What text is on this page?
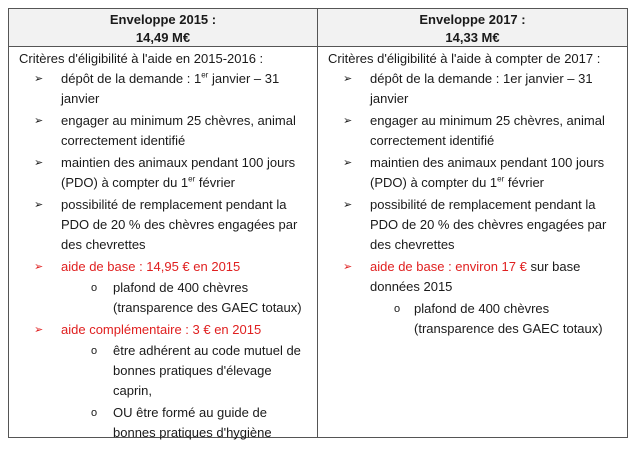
Enveloppe 2015 :
14,49 M€
Critères d'éligibilité à l'aide en 2015-2016 :
➢ dépôt de la demande : 1er janvier – 31 janvier
➢ engager au minimum 25 chèvres, animal correctement identifié
➢ maintien des animaux pendant 100 jours (PDO) à compter du 1er février
➢ possibilité de remplacement pendant la PDO de 20 % des chèvres engagées par des chevrettes
➢ aide de base : 14,95 € en 2015
o plafond de 400 chèvres (transparence des GAEC totaux)
➢ aide complémentaire : 3 € en 2015
o être adhérent au code mutuel de bonnes pratiques d'élevage caprin,
o OU être formé au guide de bonnes pratiques d'hygiène
Enveloppe 2017 :
14,33 M€
Critères d'éligibilité à l'aide à compter de 2017 :
➢ dépôt de la demande : 1er janvier – 31 janvier
➢ engager au minimum 25 chèvres, animal correctement identifié
➢ maintien des animaux pendant 100 jours (PDO) à compter du 1er février
➢ possibilité de remplacement pendant la PDO de 20 % des chèvres engagées par des chevrettes
➢ aide de base : environ 17 € sur base données 2015
o plafond de 400 chèvres (transparence des GAEC totaux)
